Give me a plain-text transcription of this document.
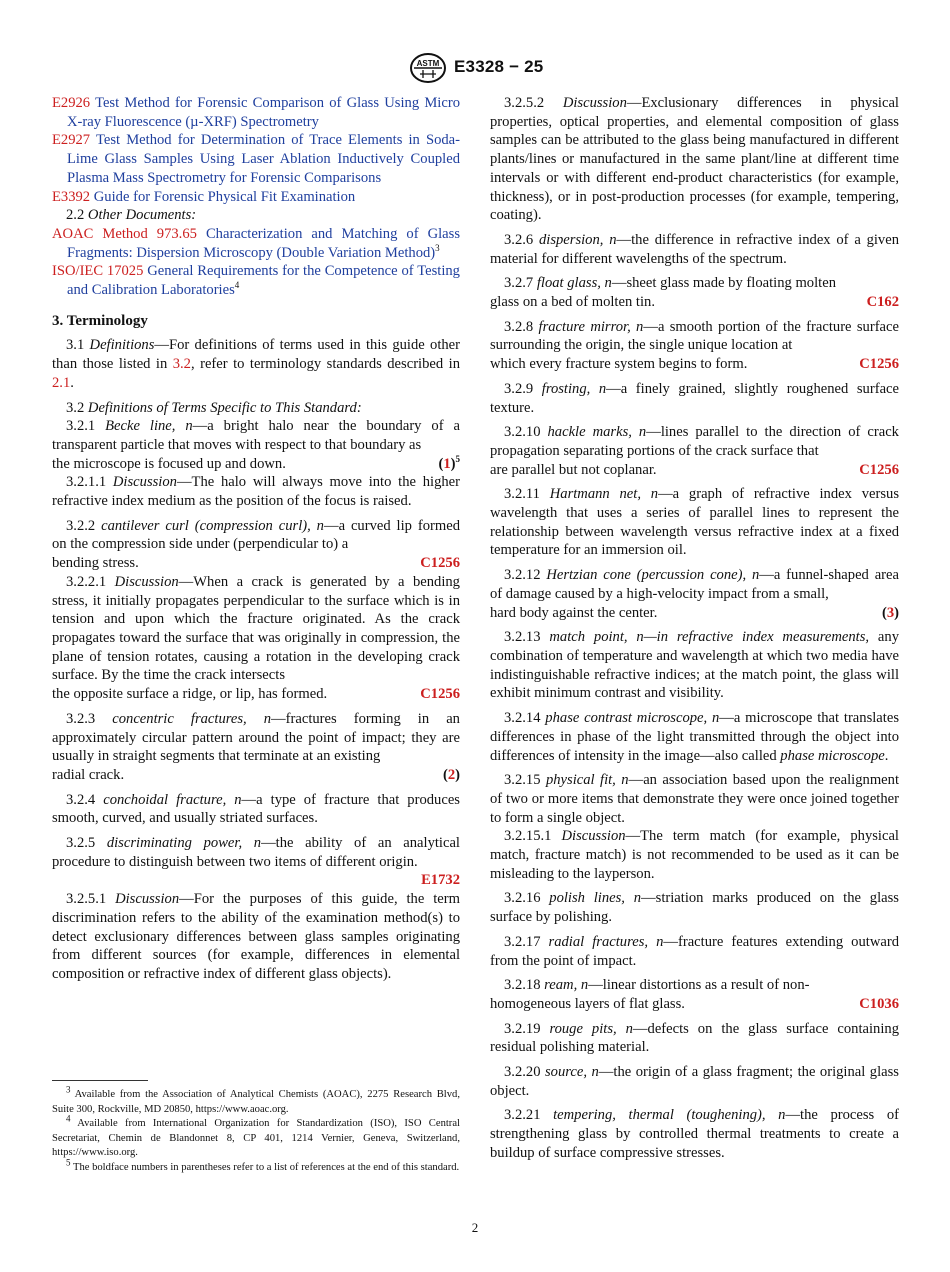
ASTM E3328 − 25

E2926 Test Method for Forensic Comparison of Glass Using Micro X-ray Fluorescence (µ-XRF) Spectrometry

E2927 Test Method for Determination of Trace Elements in Soda-Lime Glass Samples Using Laser Ablation Inductively Coupled Plasma Mass Spectrometry for Forensic Comparisons

E3392 Guide for Forensic Physical Fit Examination

2.2 Other Documents:

AOAC Method 973.65 Characterization and Matching of Glass Fragments: Dispersion Microscopy (Double Variation Method)$^3$

ISO/IEC 17025 General Requirements for the Competence of Testing and Calibration Laboratories$^4$

3. Terminology

3.1 Definitions—For definitions of terms used in this guide other than those listed in 3.2, refer to terminology standards described in 2.1.

3.2 Definitions of Terms Specific to This Standard:

3.2.1 Becke line, n—a bright halo near the boundary of a transparent particle that moves with respect to that boundary as

the microscope is focused up and down.	$(1)^5$

3.2.1.1 Discussion—The halo will always move into the higher refractive index medium as the position of the focus is raised.

3.2.2 cantilever curl (compression curl), n—a curved lip formed on the compression side under (perpendicular to) a

bending stress.	C1256

3.2.2.1 Discussion—When a crack is generated by a bending stress, it initially propagates perpendicular to the surface which is in tension and upon which the fracture originated. As the crack propagates toward the surface that was originally in compression, the plane of tension rotates, causing a rotation in the developing crack surface. By the time the crack intersects

the opposite surface a ridge, or lip, has formed.	C1256

3.2.3 concentric fractures, n—fractures forming in an approximately circular pattern around the point of impact; they are usually in straight segments that terminate at an existing

radial crack.	(2)

3.2.4 conchoidal fracture, n—a type of fracture that produces smooth, curved, and usually striated surfaces.

3.2.5 discriminating power, n—the ability of an analytical procedure to distinguish between two items of different origin.

E1732

3.2.5.1 Discussion—For the purposes of this guide, the term discrimination refers to the ability of the examination method(s) to detect exclusionary differences between glass samples originating from different sources (for example, differences in elemental composition or refractive index of different glass objects).

$^3$ Available from the Association of Analytical Chemists (AOAC), 2275 Research Blvd, Suite 300, Rockville, MD 20850, https://www.aoac.org.

$^4$ Available from International Organization for Standardization (ISO), ISO Central Secretariat, Chemin de Blandonnet 8, CP 401, 1214 Vernier, Geneva, Switzerland, https://www.iso.org.

$^5$ The boldface numbers in parentheses refer to a list of references at the end of this standard.

3.2.5.2 Discussion—Exclusionary differences in physical properties, optical properties, and elemental composition of glass samples can be attributed to the glass being manufactured in different plants/lines or manufactured in the same plant/line at different time intervals or with different end-product characteristics (for example, thickness), or in post-production processes (for example, tempering, coating).

3.2.6 dispersion, n—the difference in refractive index of a given material for different wavelengths of the spectrum.

3.2.7 float glass, n—sheet glass made by floating molten

glass on a bed of molten tin.	C162

3.2.8 fracture mirror, n—a smooth portion of the fracture surface surrounding the origin, the single unique location at

which every fracture system begins to form.	C1256

3.2.9 frosting, n—a finely grained, slightly roughened surface texture.

3.2.10 hackle marks, n—lines parallel to the direction of crack propagation separating portions of the crack surface that

are parallel but not coplanar.	C1256

3.2.11 Hartmann net, n—a graph of refractive index versus wavelength that uses a series of parallel lines to represent the relationship between wavelength versus refractive index at a fixed temperature for an immersion oil.

3.2.12 Hertzian cone (percussion cone), n—a funnel-shaped area of damage caused by a high-velocity impact from a small,

hard body against the center.	(3)

3.2.13 match point, n—in refractive index measurements, any combination of temperature and wavelength at which two media have indistinguishable refractive indices; at the match point, the glass will exhibit minimum contrast and visibility.

3.2.14 phase contrast microscope, n—a microscope that translates differences in phase of the light transmitted through the object into differences of intensity in the image—also called phase microscope.

3.2.15 physical fit, n—an association based upon the realignment of two or more items that demonstrate they were once joined together to form a single object.

3.2.15.1 Discussion—The term match (for example, physical match, fracture match) is not recommended to be used as it can be misleading to the layperson.

3.2.16 polish lines, n—striation marks produced on the glass surface by polishing.

3.2.17 radial fractures, n—fracture features extending outward from the point of impact.

3.2.18 ream, n—linear distortions as a result of non-

homogeneous layers of flat glass.	C1036

3.2.19 rouge pits, n—defects on the glass surface containing residual polishing material.

3.2.20 source, n—the origin of a glass fragment; the original glass object.

3.2.21 tempering, thermal (toughening), n—the process of strengthening glass by controlled thermal treatments to create a buildup of surface compressive stresses.

2
